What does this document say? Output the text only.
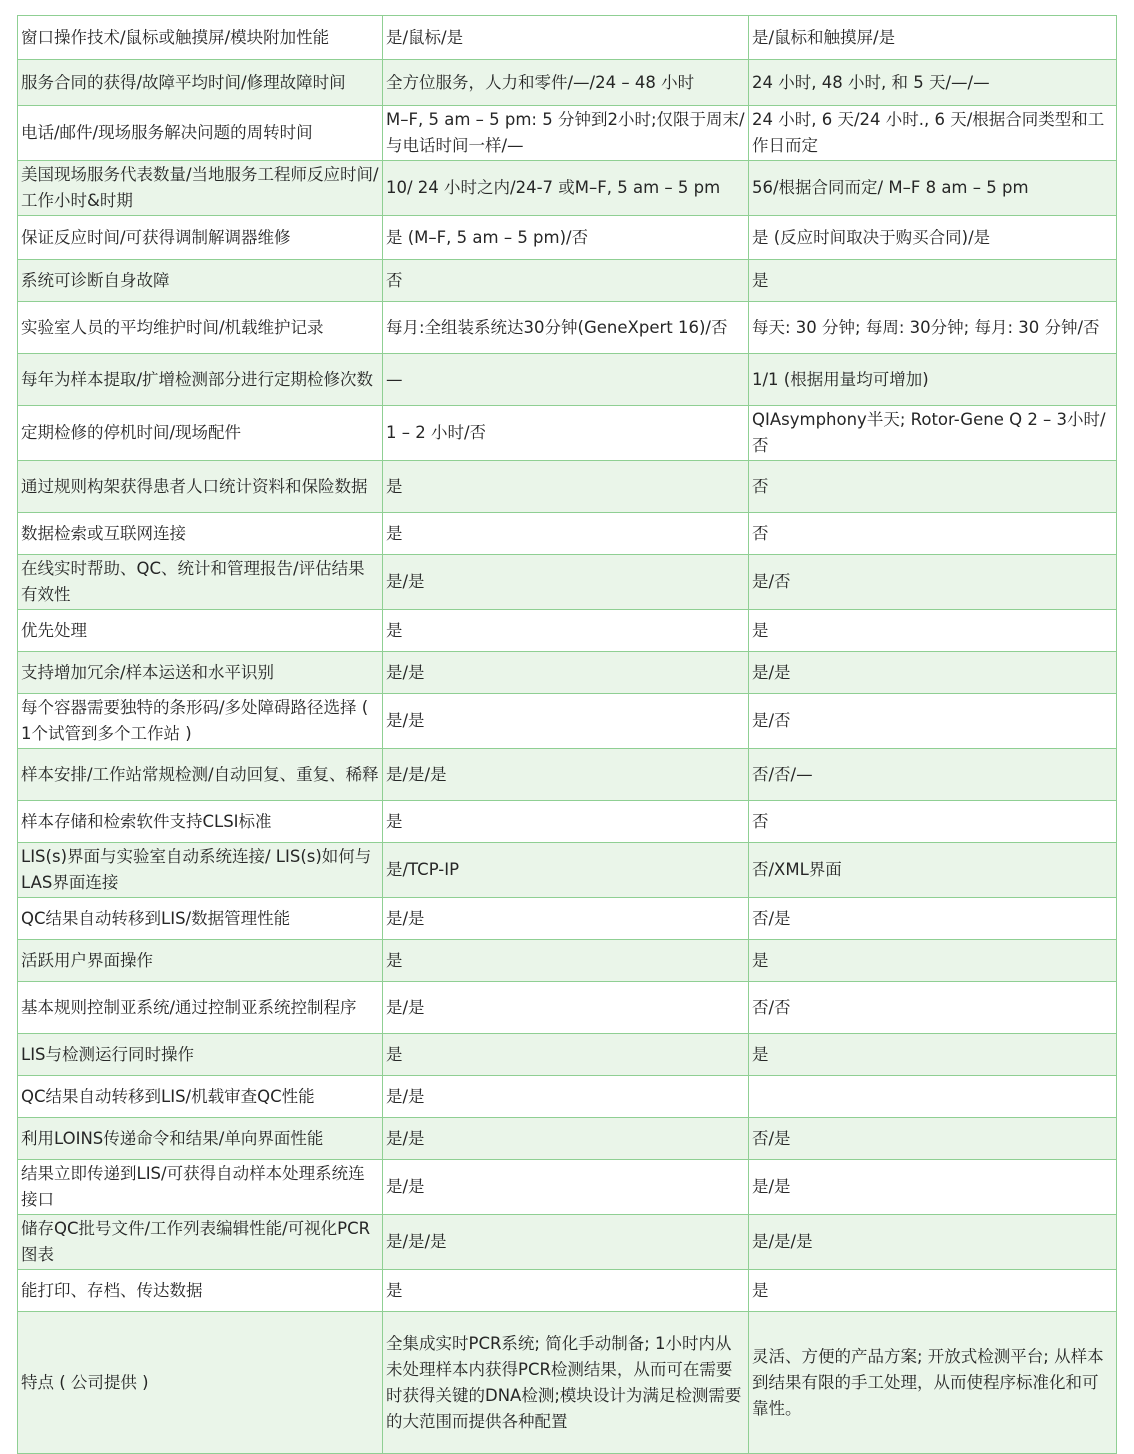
窗口操作技术/鼠标或触摸屏/模块附加性能	是/鼠标/是	是/鼠标和触摸屏/是
服务合同的获得/故障平均时间/修理故障时间	全方位服务，人力和零件/—/24 – 48 小时	24 小时, 48 小时, 和 5 天/—/—
电话/邮件/现场服务解决问题的周转时间	M–F, 5 am – 5 pm: 5 分钟到2小时;仅限于周末/与电话时间一样/—	24 小时, 6 天/24 小时., 6 天/根据合同类型和工作日而定
美国现场服务代表数量/当地服务工程师反应时间/工作小时&时期	10/ 24 小时之内/24-7 或M–F, 5 am – 5 pm	56/根据合同而定/ M–F 8 am – 5 pm
保证反应时间/可获得调制解调器维修	是 (M–F, 5 am – 5 pm)/否	是 (反应时间取决于购买合同)/是
系统可诊断自身故障	否	是
实验室人员的平均维护时间/机载维护记录	每月:全组装系统达30分钟(GeneXpert 16)/否	每天: 30 分钟; 每周: 30分钟; 每月: 30 分钟/否
每年为样本提取/扩增检测部分进行定期检修次数	—	1/1 (根据用量均可增加)
定期检修的停机时间/现场配件	1 – 2 小时/否	QIAsymphony半天; Rotor-Gene Q 2 – 3小时/否
通过规则构架获得患者人口统计资料和保险数据	是	否
数据检索或互联网连接	是	否
在线实时帮助、QC、统计和管理报告/评估结果有效性	是/是	是/否
优先处理	是	是
支持增加冗余/样本运送和水平识别	是/是	是/是
每个容器需要独特的条形码/多处障碍路径选择 ( 1个试管到多个工作站 )	是/是	是/否
样本安排/工作站常规检测/自动回复、重复、稀释	是/是/是	否/否/—
样本存储和检索软件支持CLSI标准	是	否
LIS(s)界面与实验室自动系统连接/ LIS(s)如何与LAS界面连接	是/TCP-IP	否/XML界面
QC结果自动转移到LIS/数据管理性能	是/是	否/是
活跃用户界面操作	是	是
基本规则控制亚系统/通过控制亚系统控制程序	是/是	否/否
LIS与检测运行同时操作	是	是
QC结果自动转移到LIS/机载审查QC性能	是/是	
利用LOINS传递命令和结果/单向界面性能	是/是	否/是
结果立即传递到LIS/可获得自动样本处理系统连接口	是/是	是/是
储存QC批号文件/工作列表编辑性能/可视化PCR图表	是/是/是	是/是/是
能打印、存档、传达数据	是	是
特点 ( 公司提供 )	全集成实时PCR系统; 简化手动制备; 1小时内从未处理样本内获得PCR检测结果，从而可在需要时获得关键的DNA检测;模块设计为满足检测需要的大范围而提供各种配置	灵活、方便的产品方案; 开放式检测平台; 从样本到结果有限的手工处理，从而使程序标准化和可靠性。
